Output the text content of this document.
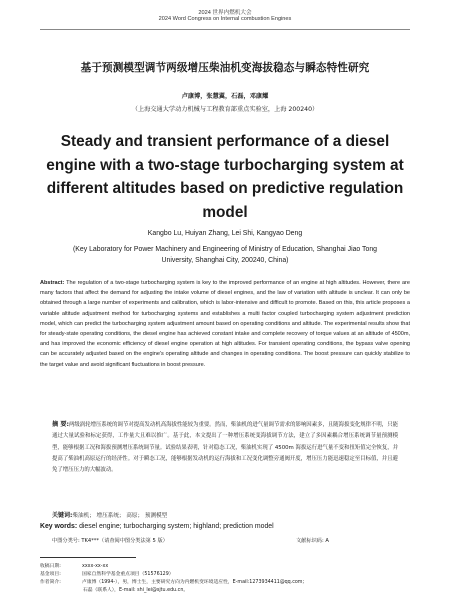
2024 世界内燃机大会
2024 Word Congress on Internal combustion Engines
基于预测模型调节两级增压柴油机变海拔稳态与瞬态特性研究
卢康博，张慧翼，石磊，邓康耀
（上海交通大学动力机械与工程教育部重点实验室，上海 200240）
Steady and transient performance of a diesel engine with a two-stage turbocharging system at different altitudes based on predictive regulation model
Kangbo Lu, Huiyan Zhang, Lei Shi, Kangyao Deng
(Key Laboratory for Power Machinery and Engineering of Ministry of Education, Shanghai Jiao Tong University, Shanghai City, 200240, China)
Abstract: The regulation of a two-stage turbocharging system is key to the improved performance of an engine at high altitudes. However, there are many factors that affect the demand for adjusting the intake volume of diesel engines, and the law of variation with altitude is unclear. It can only be obtained through a large number of experiments and calibration, which is labor-intensive and difficult to promote. Based on this, this article proposes a variable altitude adjustment method for turbocharging systems and establishes a multi factor coupled turbocharging system adjustment prediction model, which can predict the turbocharging system adjustment amount based on operating conditions and altitude. The experimental results show that for steady-state operating conditions, the diesel engine has achieved constant intake and complete recovery of torque values at an altitude of 4500m, and has improved the economic efficiency of diesel engine operation at high altitudes. For transient operating conditions, the bypass valve opening can be accurately adjusted based on the engine's operating altitude and changes in operating conditions. The boost pressure can quickly stabilize to the target value and avoid significant fluctuations in boost pressure.
摘 要:两级涡轮增压系统的调节对提高发动机高海拔性能较为重要。然而，柴油机的进气量调节需求的影响因素多，且随海拔变化规律不明，只能通过大量试验和标定获得，工作量大且难以推广。基于此，本文提出了一种增压系统变海拔调节方法，建立了多因素耦合增压系统调节量预测模型，能够根据工况和海拔预测增压系统调节量。试验结果表明，针对稳态工况，柴油机实现了 4500m 海拔运行进气量不变和扭矩值完全恢复，并提高了柴油机高原运行的经济性。对于瞬态工况，能够根据发动机的运行海拔和工况变化调整旁通阀开度，增压压力能迅速稳定至目标值，并且避免了增压压力的大幅波动。
关键词:柴油机； 增压系统； 高原； 预测模型
Key words: diesel engine; turbocharging system; highland; prediction model
中图分类号: TK4***（请查阅中图分类法第 5 版）	文献标识码: A
收稿日期:	xxxx-xx-xx
基金项目:	国家自然科学基金重点项目（51576129）
作者简介:	卢康博（1994-），男，博士生，主要研究方向为内燃机变环境适应性，E-mail:1273934411@qq.com;
石磊（联系人），E-mail: shi_lei@sjtu.edu.cn。
